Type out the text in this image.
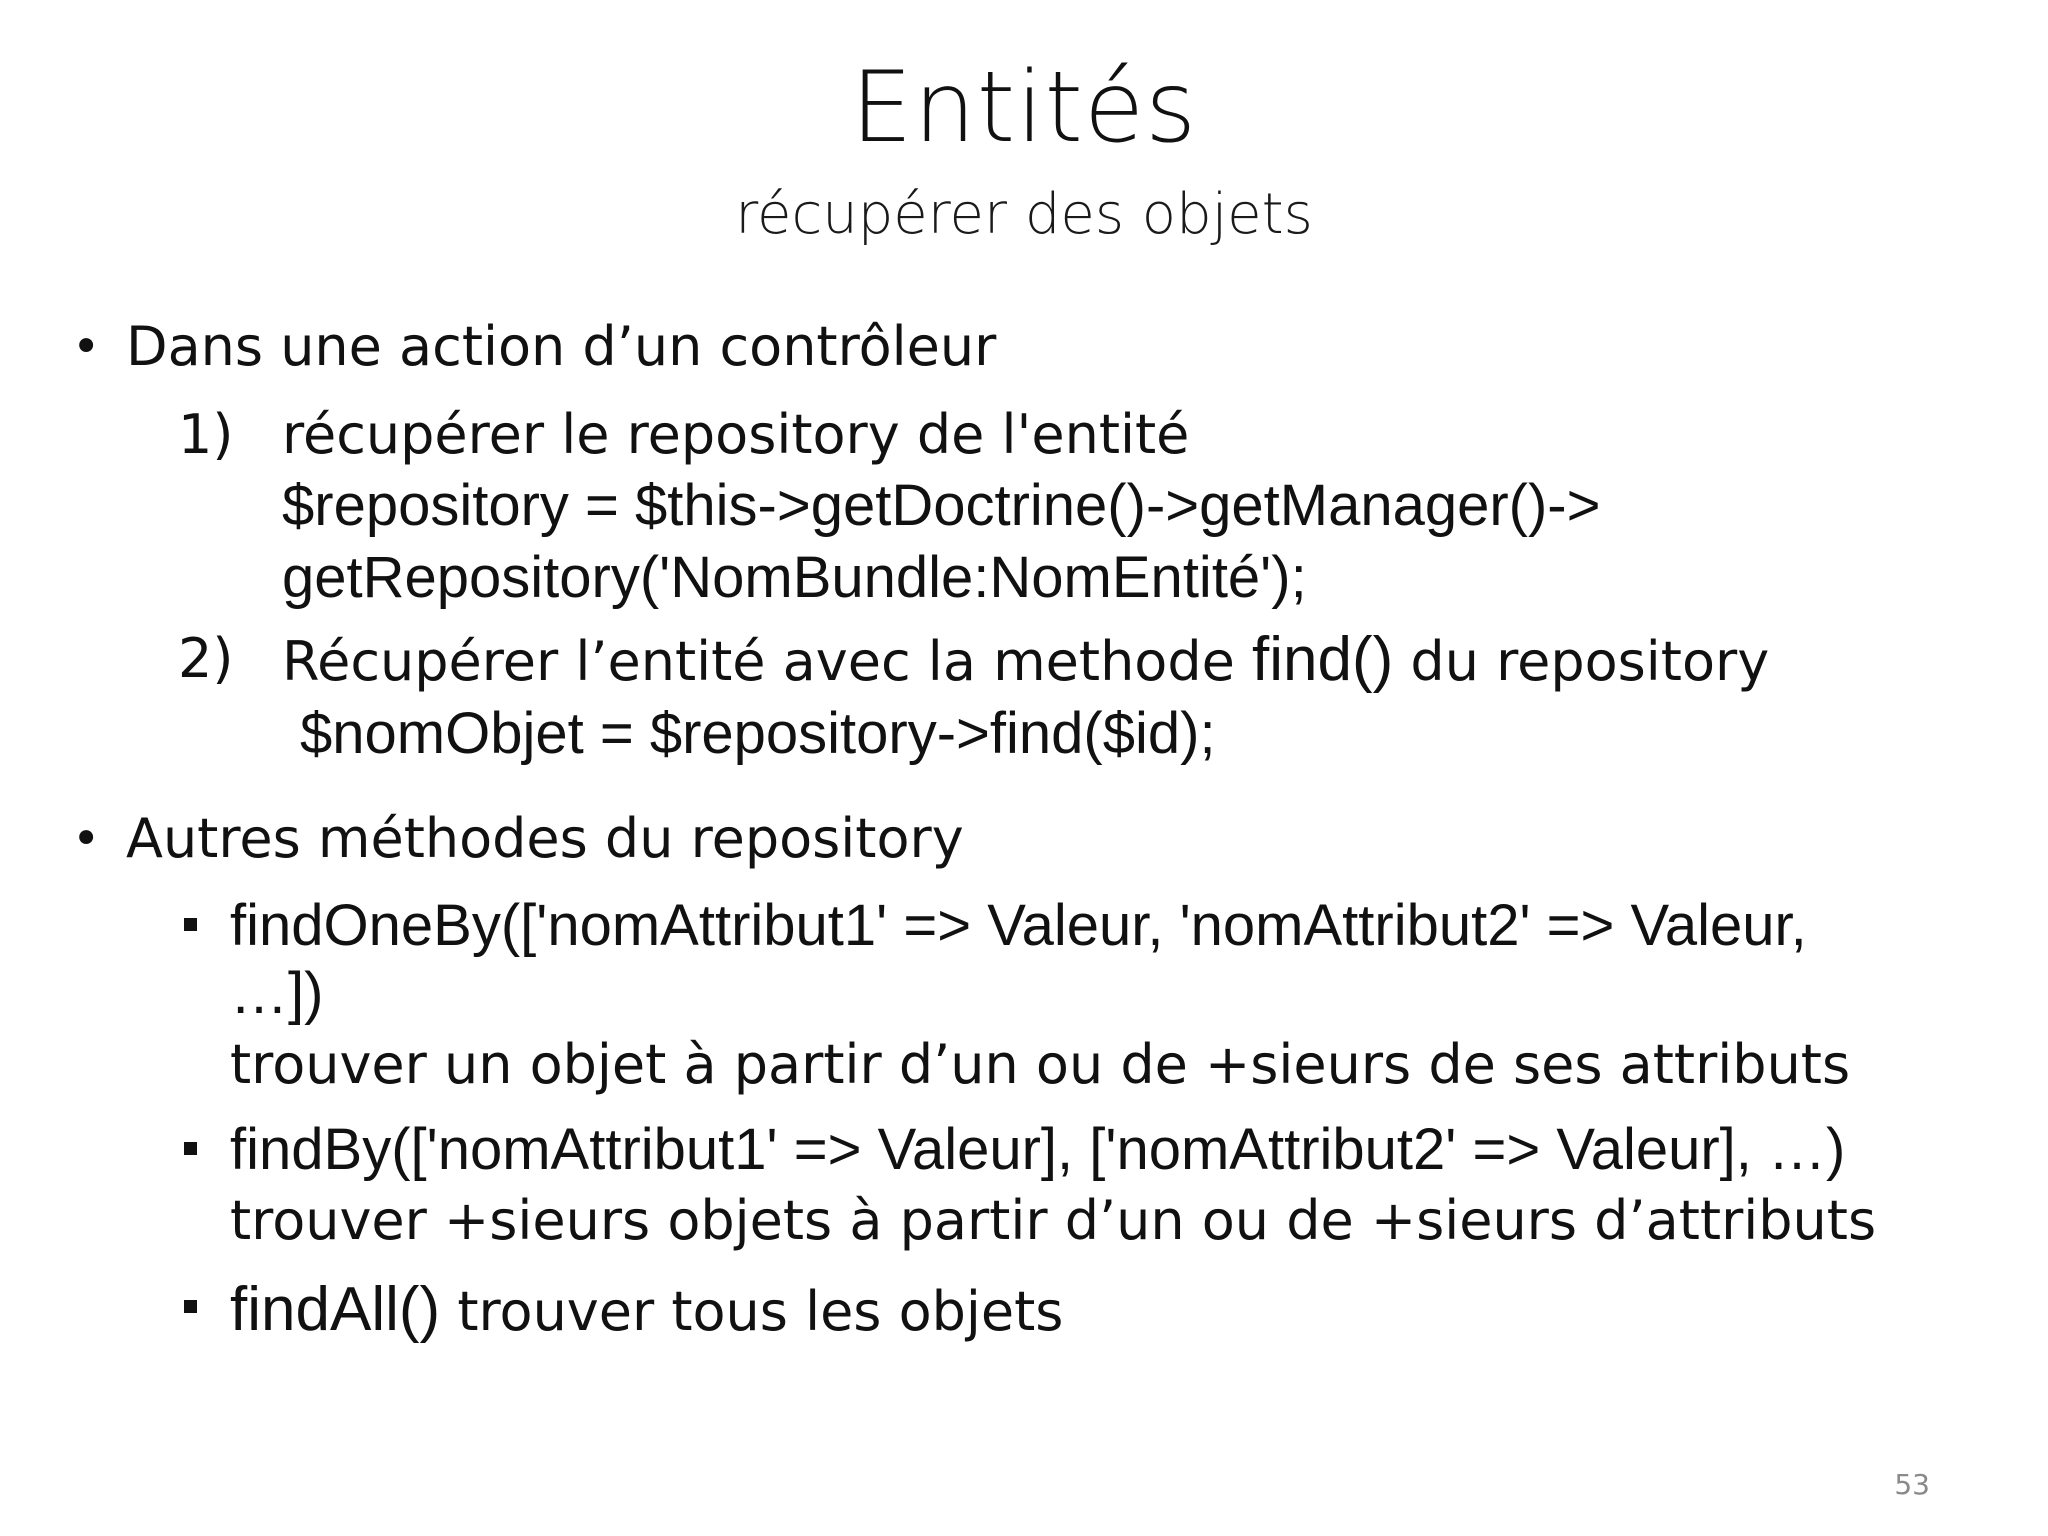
Entités
récupérer des objets
• Dans une action d’un contrôleur
1) récupérer le repository de l'entité
$repository = $this->getDoctrine()->getManager()->
getRepository('NomBundle:NomEntité');
2) Récupérer l’entité avec la methode find() du repository
$nomObjet = $repository->find($id);
• Autres méthodes du repository
findOneBy(['nomAttribut1' => Valeur, 'nomAttribut2' => Valeur,
…])
trouver un objet à partir d’un ou de +sieurs de ses attributs
findBy(['nomAttribut1' => Valeur], ['nomAttribut2' => Valeur], …)
trouver +sieurs objets à partir d’un ou de +sieurs d’attributs
findAll() trouver tous les objets
53
